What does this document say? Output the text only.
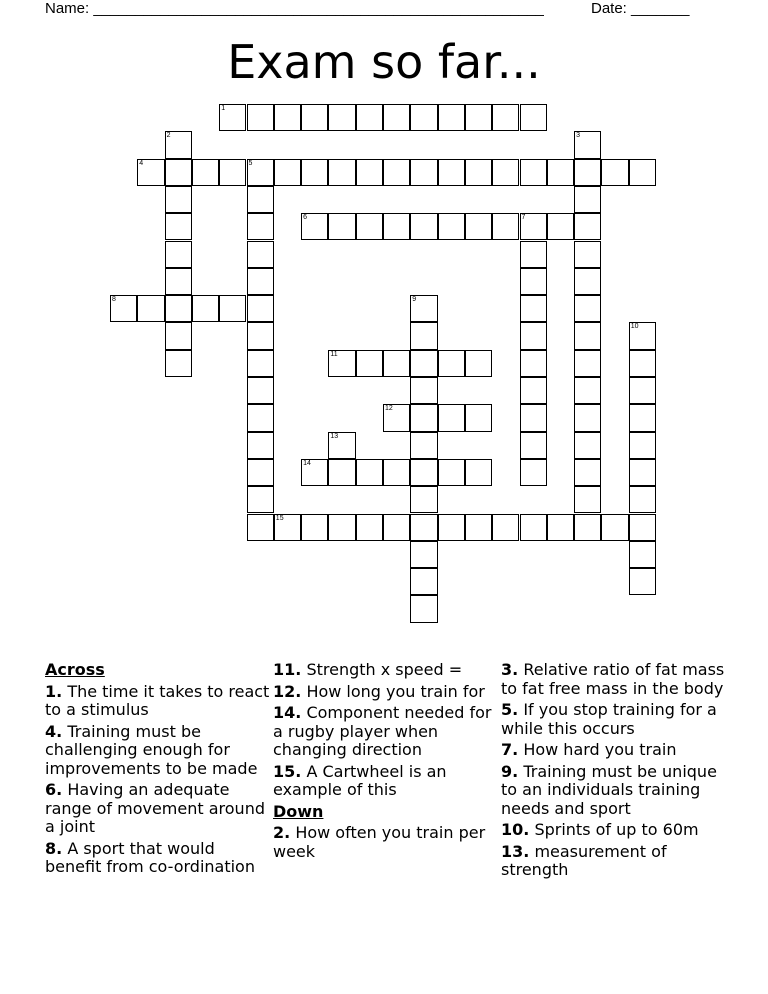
Name: ______________________________________________________	Date: _______
Exam so far...
1
2	3
4	5
6	7
8	9
10
11
12
13
14
15
Across
1. The time it takes to react to a stimulus
4. Training must be challenging enough for improvements to be made
6. Having an adequate range of movement around a joint
8. A sport that would benefit from co-ordination
11. Strength x speed =
12. How long you train for
14. Component needed for a rugby player when changing direction
15. A Cartwheel is an example of this
Down
2. How often you train per week
3. Relative ratio of fat mass to fat free mass in the body
5. If you stop training for a while this occurs
7. How hard you train
9. Training must be unique to an individuals training needs and sport
10. Sprints of up to 60m
13. measurement of strength
